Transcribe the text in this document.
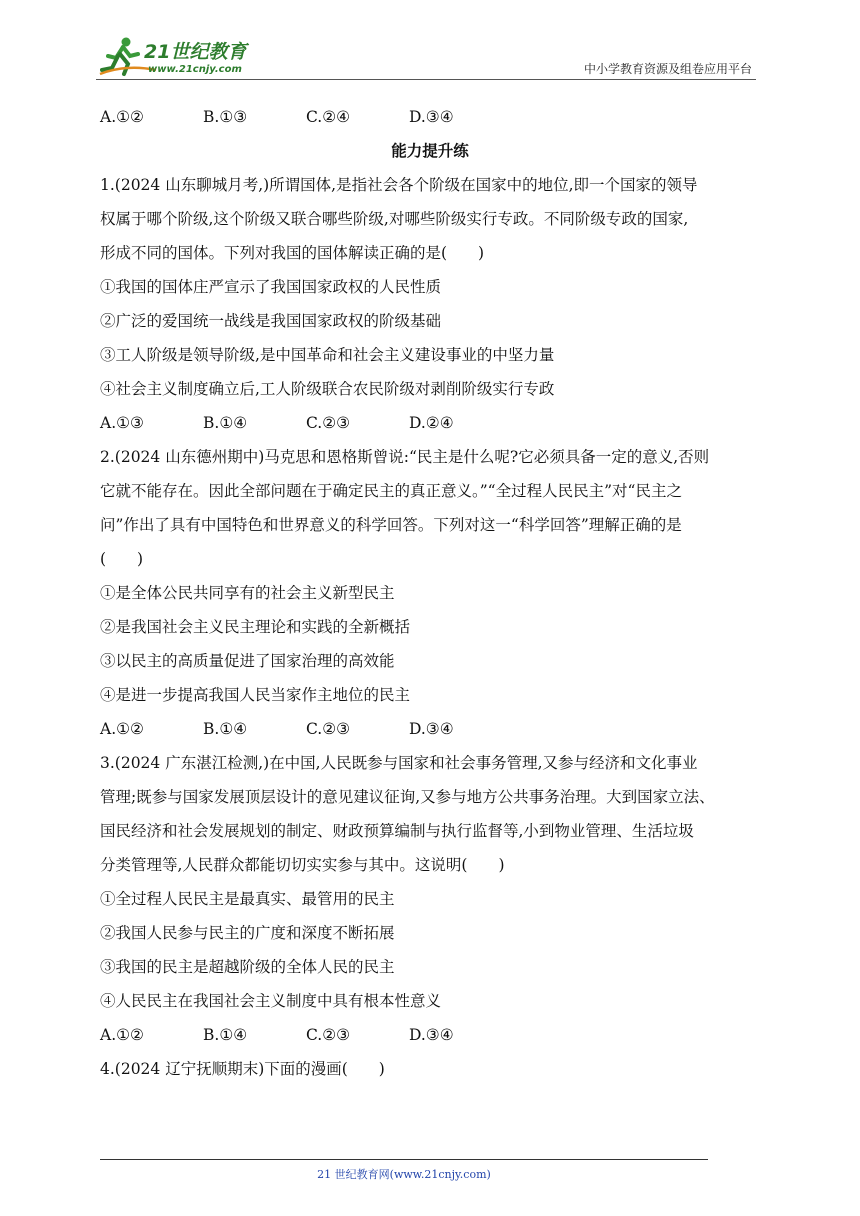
21世纪教育
www.21cnjy.com	中小学教育资源及组卷应用平台
A.①②	B.①③	C.②④	D.③④
能力提升练
1.(2024 山东聊城月考,)所谓国体,是指社会各个阶级在国家中的地位,即一个国家的领导
权属于哪个阶级,这个阶级又联合哪些阶级,对哪些阶级实行专政。不同阶级专政的国家,
形成不同的国体。下列对我国的国体解读正确的是(　　)
①我国的国体庄严宣示了我国国家政权的人民性质
②广泛的爱国统一战线是我国国家政权的阶级基础
③工人阶级是领导阶级,是中国革命和社会主义建设事业的中坚力量
④社会主义制度确立后,工人阶级联合农民阶级对剥削阶级实行专政
A.①③	B.①④	C.②③	D.②④
2.(2024 山东德州期中)马克思和恩格斯曾说:“民主是什么呢?它必须具备一定的意义,否则
它就不能存在。因此全部问题在于确定民主的真正意义。”“全过程人民民主”对“民主之
问”作出了具有中国特色和世界意义的科学回答。下列对这一“科学回答”理解正确的是
(　　)
①是全体公民共同享有的社会主义新型民主
②是我国社会主义民主理论和实践的全新概括
③以民主的高质量促进了国家治理的高效能
④是进一步提高我国人民当家作主地位的民主
A.①②	B.①④	C.②③	D.③④
3.(2024 广东湛江检测,)在中国,人民既参与国家和社会事务管理,又参与经济和文化事业
管理;既参与国家发展顶层设计的意见建议征询,又参与地方公共事务治理。大到国家立法、
国民经济和社会发展规划的制定、财政预算编制与执行监督等,小到物业管理、生活垃圾
分类管理等,人民群众都能切切实实参与其中。这说明(　　)
①全过程人民民主是最真实、最管用的民主
②我国人民参与民主的广度和深度不断拓展
③我国的民主是超越阶级的全体人民的民主
④人民民主在我国社会主义制度中具有根本性意义
A.①②	B.①④	C.②③	D.③④
4.(2024 辽宁抚顺期末)下面的漫画(　　)
21 世纪教育网(www.21cnjy.com)
